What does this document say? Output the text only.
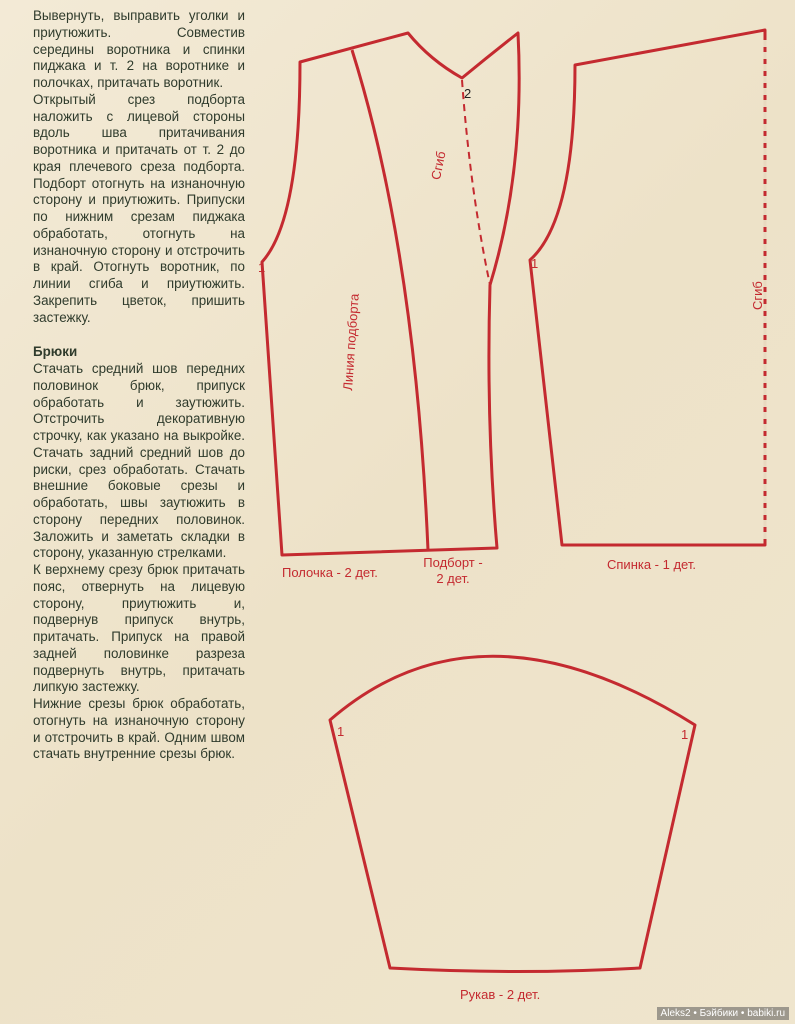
Вывернуть, выправить уголки и приутюжить. Совместив середины воротника и спинки пиджака и т. 2 на воротнике и полочках, притачать воротник.

Открытый срез подборта наложить с лицевой стороны вдоль шва притачивания воротника и притачать от т. 2 до края плечевого среза подборта. Подборт отогнуть на изнаночную сторону и приутюжить. Припуски по нижним срезам пиджака обработать, отогнуть на изнаночную сторону и отстрочить в край. Отогнуть воротник, по линии сгиба и приутюжить. Закрепить цветок, пришить застежку.

Брюки

Стачать средний шов передних половинок брюк, припуск обработать и заутюжить. Отстрочить декоративную строчку, как указано на выкройке. Стачать задний средний шов до риски, срез обработать. Стачать внешние боковые срезы и обработать, швы заутюжить в сторону передних половинок. Заложить и заметать складки в сторону, указанную стрелками.

К верхнему срезу брюк притачать пояс, отвернуть на лицевую сторону, приутюжить и, подвернув припуск внутрь, притачать. Припуск на правой задней половинке разреза подвернуть внутрь, притачать липкую застежку.

Нижние срезы брюк обработать, отогнуть на изнаночную сторону и отстрочить в край. Одним швом стачать внутренние срезы брюк.

1
2
1
1	1
Линия подборта
Сгиб
Сгиб
Полочка - 2 дет.
Подборт - 2 дет.
Спинка - 1 дет.
Рукав - 2 дет.
Aleks2 • Бэйбики • babiki.ru
